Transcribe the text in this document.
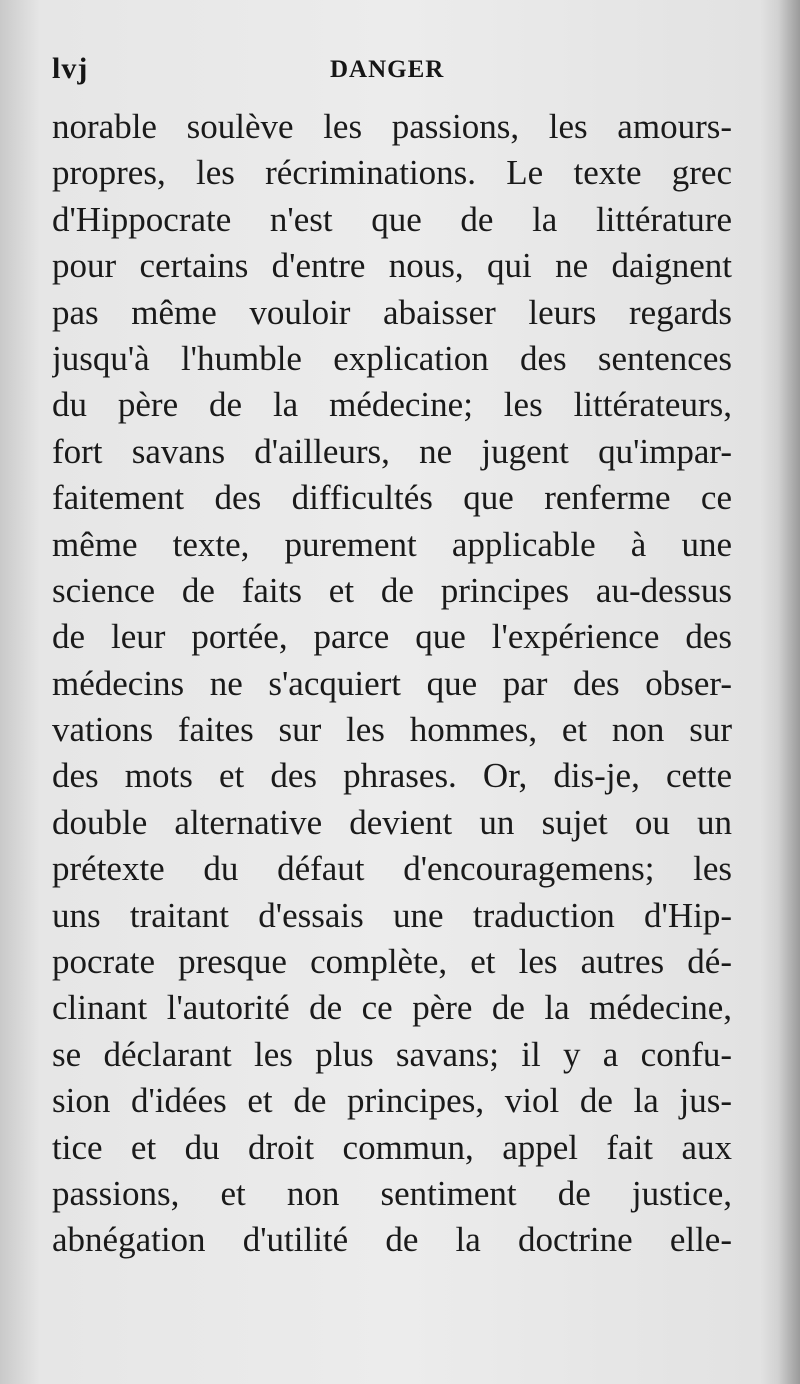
lvj	DANGER
norable soulève les passions, les amours-
propres, les récriminations. Le texte grec
d'Hippocrate n'est que de la littérature
pour certains d'entre nous, qui ne daignent
pas même vouloir abaisser leurs regards
jusqu'à l'humble explication des sentences
du père de la médecine; les littérateurs,
fort savans d'ailleurs, ne jugent qu'impar-
faitement des difficultés que renferme ce
même texte, purement applicable à une
science de faits et de principes au-dessus
de leur portée, parce que l'expérience des
médecins ne s'acquiert que par des obser-
vations faites sur les hommes, et non sur
des mots et des phrases. Or, dis-je, cette
double alternative devient un sujet ou un
prétexte du défaut d'encouragemens; les
uns traitant d'essais une traduction d'Hip-
pocrate presque complète, et les autres dé-
clinant l'autorité de ce père de la médecine,
se déclarant les plus savans; il y a confu-
sion d'idées et de principes, viol de la jus-
tice et du droit commun, appel fait aux
passions, et non sentiment de justice,
abnégation d'utilité de la doctrine elle-
